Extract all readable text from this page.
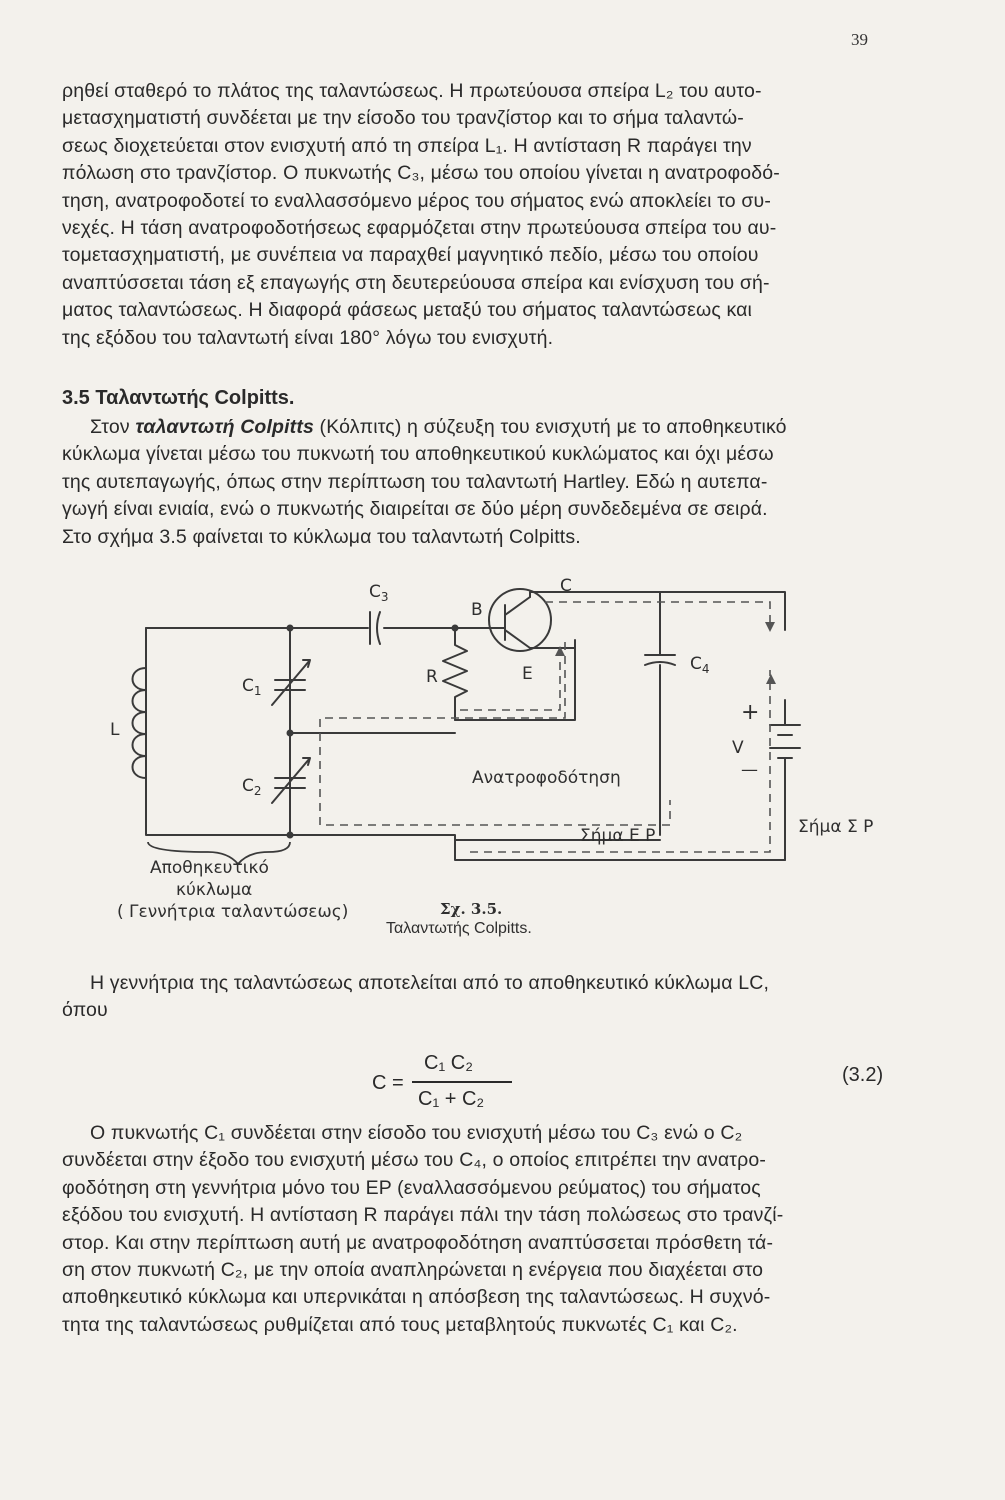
39

ρηθεί σταθερό το πλάτος της ταλαντώσεως. Η πρωτεύουσα σπείρα L₂ του αυτο-
μετασχηματιστή συνδέεται με την είσοδο του τρανζίστορ και το σήμα ταλαντώ-
σεως διοχετεύεται στον ενισχυτή από τη σπείρα L₁. Η αντίσταση R παράγει την
πόλωση στο τρανζίστορ. Ο πυκνωτής C₃, μέσω του οποίου γίνεται η ανατροφοδό-
τηση, ανατροφοδοτεί το εναλλασσόμενο μέρος του σήματος ενώ αποκλείει το συ-
νεχές. Η τάση ανατροφοδοτήσεως εφαρμόζεται στην πρωτεύουσα σπείρα του αυ-
τομετασχηματιστή, με συνέπεια να παραχθεί μαγνητικό πεδίο, μέσω του οποίου
αναπτύσσεται τάση εξ επαγωγής στη δευτερεύουσα σπείρα και ενίσχυση του σή-
ματος ταλαντώσεως. Η διαφορά φάσεως μεταξύ του σήματος ταλαντώσεως και
της εξόδου του ταλαντωτή είναι 180° λόγω του ενισχυτή.

3.5 Ταλαντωτής Colpitts.

Στον ταλαντωτή Colpitts (Κόλπιτς) η σύζευξη του ενισχυτή με το αποθηκευτικό
κύκλωμα γίνεται μέσω του πυκνωτή του αποθηκευτικού κυκλώματος και όχι μέσω
της αυτεπαγωγής, όπως στην περίπτωση του ταλαντωτή Hartley. Εδώ η αυτεπα-
γωγή είναι ενιαία, ενώ ο πυκνωτής διαιρείται σε δύο μέρη συνδεδεμένα σε σειρά.
Στο σχήμα 3.5 φαίνεται το κύκλωμα του ταλαντωτή Colpitts.

$C_3$
B
C
E
R
$C_1$
$C_2$
L
$C_4$
+
—
V
Ανατροφοδότηση
Σήμα Ε Ρ	Σήμα Σ Ρ
Αποθηκευτικό
κύκλωμα
( Γεννήτρια ταλαντώσεως)	Σχ. 3.5.
Ταλαντωτής Colpitts.

Η γεννήτρια της ταλαντώσεως αποτελείται από το αποθηκευτικό κύκλωμα LC,
όπου

C =
C₁ C₂
C₁ + C₂
(3.2)

Ο πυκνωτής C₁ συνδέεται στην είσοδο του ενισχυτή μέσω του C₃ ενώ ο C₂
συνδέεται στην έξοδο του ενισχυτή μέσω του C₄, ο οποίος επιτρέπει την ανατρο-
φοδότηση στη γεννήτρια μόνο του ΕΡ (εναλλασσόμενου ρεύματος) του σήματος
εξόδου του ενισχυτή. Η αντίσταση R παράγει πάλι την τάση πολώσεως στο τρανζί-
στορ. Και στην περίπτωση αυτή με ανατροφοδότηση αναπτύσσεται πρόσθετη τά-
ση στον πυκνωτή C₂, με την οποία αναπληρώνεται η ενέργεια που διαχέεται στο
αποθηκευτικό κύκλωμα και υπερνικάται η απόσβεση της ταλαντώσεως. Η συχνό-
τητα της ταλαντώσεως ρυθμίζεται από τους μεταβλητούς πυκνωτές C₁ και C₂.
